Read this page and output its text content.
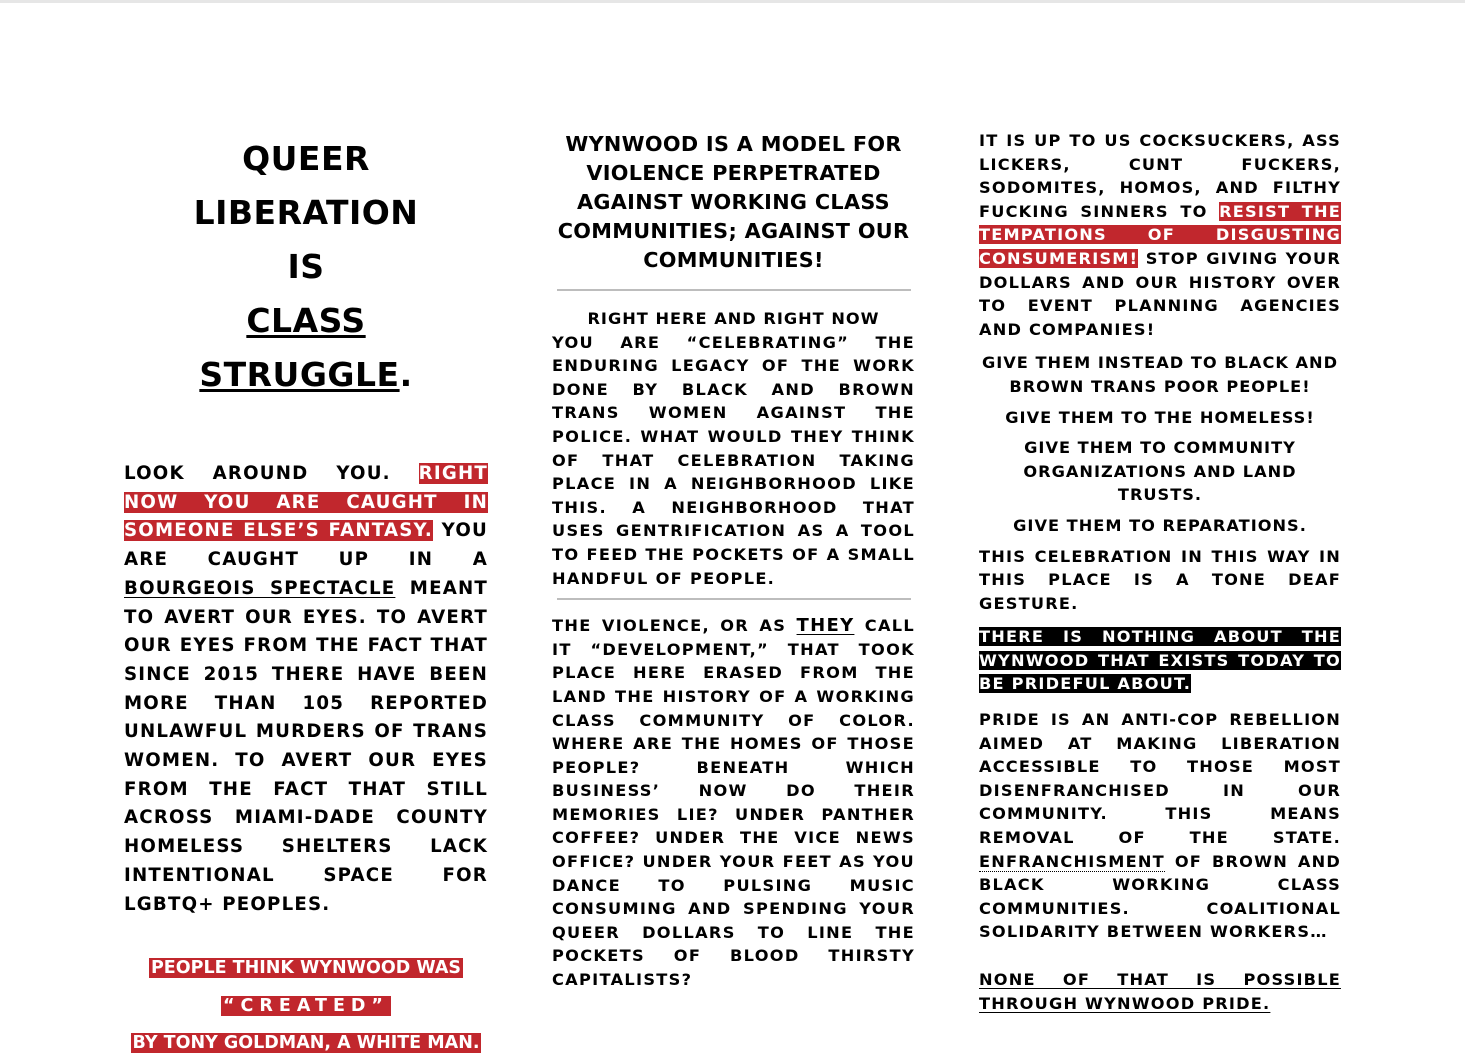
QUEER LIBERATION
IS
CLASS
STRUGGLE.

LOOK AROUND YOU. RIGHT NOW YOU ARE CAUGHT IN SOMEONE ELSE’S FANTASY. YOU ARE CAUGHT UP IN A BOURGEOIS SPECTACLE MEANT TO AVERT OUR EYES. TO AVERT OUR EYES FROM THE FACT THAT SINCE 2015 THERE HAVE BEEN MORE THAN 105 REPORTED UNLAWFUL MURDERS OF TRANS WOMEN. TO AVERT OUR EYES FROM THE FACT THAT STILL ACROSS MIAMI-DADE COUNTY HOMELESS SHELTERS LACK INTENTIONAL SPACE FOR LGBTQ+ PEOPLES.

PEOPLE THINK WYNWOOD WAS
“CREATED”
BY TONY GOLDMAN, A WHITE MAN.
WYNWOOD IS A MODEL FOR VIOLENCE PERPETRATED AGAINST WORKING CLASS COMMUNITIES; AGAINST OUR COMMUNITIES!
RIGHT HERE AND RIGHT NOW

YOU ARE “CELEBRATING” THE ENDURING LEGACY OF THE WORK DONE BY BLACK AND BROWN TRANS WOMEN AGAINST THE POLICE. WHAT WOULD THEY THINK OF THAT CELEBRATION TAKING PLACE IN A NEIGHBORHOOD LIKE THIS. A NEIGHBORHOOD THAT USES GENTRIFICATION AS A TOOL TO FEED THE POCKETS OF A SMALL HANDFUL OF PEOPLE.

THE VIOLENCE, OR AS THEY CALL IT “DEVELOPMENT,” THAT TOOK PLACE HERE ERASED FROM THE LAND THE HISTORY OF A WORKING CLASS COMMUNITY OF COLOR. WHERE ARE THE HOMES OF THOSE PEOPLE? BENEATH WHICH BUSINESS’ NOW DO THEIR MEMORIES LIE? UNDER PANTHER COFFEE? UNDER THE VICE NEWS OFFICE? UNDER YOUR FEET AS YOU DANCE TO PULSING MUSIC CONSUMING AND SPENDING YOUR QUEER DOLLARS TO LINE THE POCKETS OF BLOOD THIRSTY CAPITALISTS?

IT IS UP TO US COCKSUCKERS, ASS LICKERS, CUNT FUCKERS, SODOMITES, HOMOS, AND FILTHY FUCKING SINNERS TO RESIST THE TEMPATIONS OF DISGUSTING CONSUMERISM! STOP GIVING YOUR DOLLARS AND OUR HISTORY OVER TO EVENT PLANNING AGENCIES AND COMPANIES!

GIVE THEM INSTEAD TO BLACK AND BROWN TRANS POOR PEOPLE!

GIVE THEM TO THE HOMELESS!

GIVE THEM TO COMMUNITY ORGANIZATIONS AND LAND TRUSTS.

GIVE THEM TO REPARATIONS.

THIS CELEBRATION IN THIS WAY IN THIS PLACE IS A TONE DEAF GESTURE.

THERE IS NOTHING ABOUT THE WYNWOOD THAT EXISTS TODAY TO BE PRIDEFUL ABOUT.

PRIDE IS AN ANTI-COP REBELLION AIMED AT MAKING LIBERATION ACCESSIBLE TO THOSE MOST DISENFRANCHISED IN OUR COMMUNITY. THIS MEANS REMOVAL OF THE STATE. ENFRANCHISMENT OF BROWN AND BLACK WORKING CLASS COMMUNITIES. COALITIONAL SOLIDARITY BETWEEN WORKERS…

NONE OF THAT IS POSSIBLE THROUGH WYNWOOD PRIDE.
